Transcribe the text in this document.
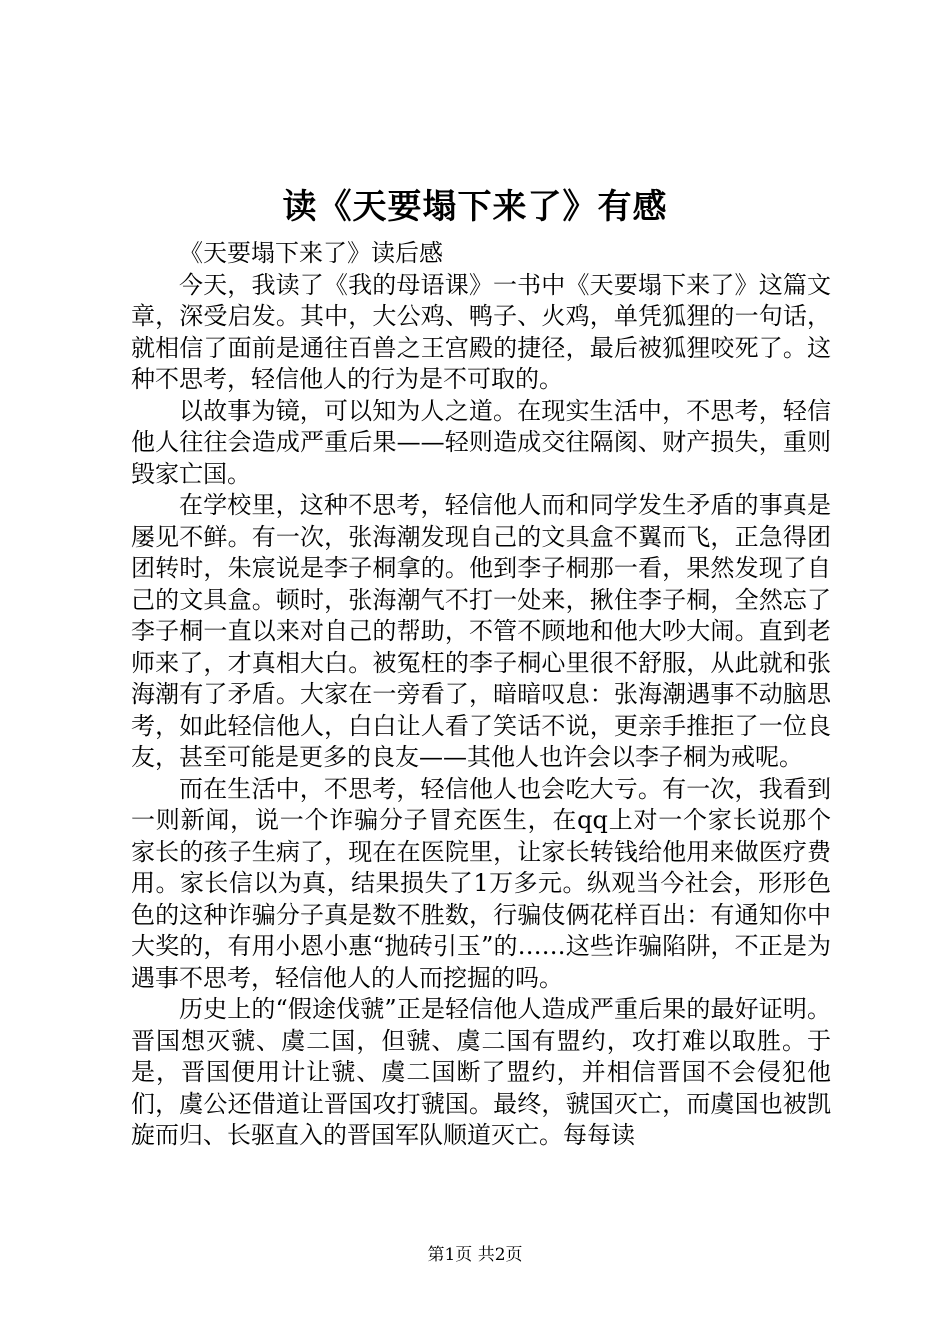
读《天要塌下来了》有感

《天要塌下来了》读后感

今天，我读了《我的母语课》一书中《天要塌下来了》这篇文章，深受启发。其中，大公鸡、鸭子、火鸡，单凭狐狸的一句话，就相信了面前是通往百兽之王宫殿的捷径，最后被狐狸咬死了。这种不思考，轻信他人的行为是不可取的。

以故事为镜，可以知为人之道。在现实生活中，不思考，轻信他人往往会造成严重后果——轻则造成交往隔阂、财产损失，重则毁家亡国。

在学校里，这种不思考，轻信他人而和同学发生矛盾的事真是屡见不鲜。有一次，张海潮发现自己的文具盒不翼而飞，正急得团团转时，朱宸说是李子桐拿的。他到李子桐那一看，果然发现了自己的文具盒。顿时，张海潮气不打一处来，揪住李子桐，全然忘了李子桐一直以来对自己的帮助，不管不顾地和他大吵大闹。直到老师来了，才真相大白。被冤枉的李子桐心里很不舒服，从此就和张海潮有了矛盾。大家在一旁看了，暗暗叹息：张海潮遇事不动脑思考，如此轻信他人，白白让人看了笑话不说，更亲手推拒了一位良友，甚至可能是更多的良友——其他人也许会以李子桐为戒呢。

而在生活中，不思考，轻信他人也会吃大亏。有一次，我看到一则新闻，说一个诈骗分子冒充医生，在qq上对一个家长说那个家长的孩子生病了，现在在医院里，让家长转钱给他用来做医疗费用。家长信以为真，结果损失了1万多元。纵观当今社会，形形色色的这种诈骗分子真是数不胜数，行骗伎俩花样百出：有通知你中大奖的，有用小恩小惠“抛砖引玉”的……这些诈骗陷阱，不正是为遇事不思考，轻信他人的人而挖掘的吗。

历史上的“假途伐虢”正是轻信他人造成严重后果的最好证明。晋国想灭虢、虞二国，但虢、虞二国有盟约，攻打难以取胜。于是，晋国便用计让虢、虞二国断了盟约，并相信晋国不会侵犯他们，虞公还借道让晋国攻打虢国。最终，虢国灭亡，而虞国也被凯旋而归、长驱直入的晋国军队顺道灭亡。每每读

第1页 共2页
